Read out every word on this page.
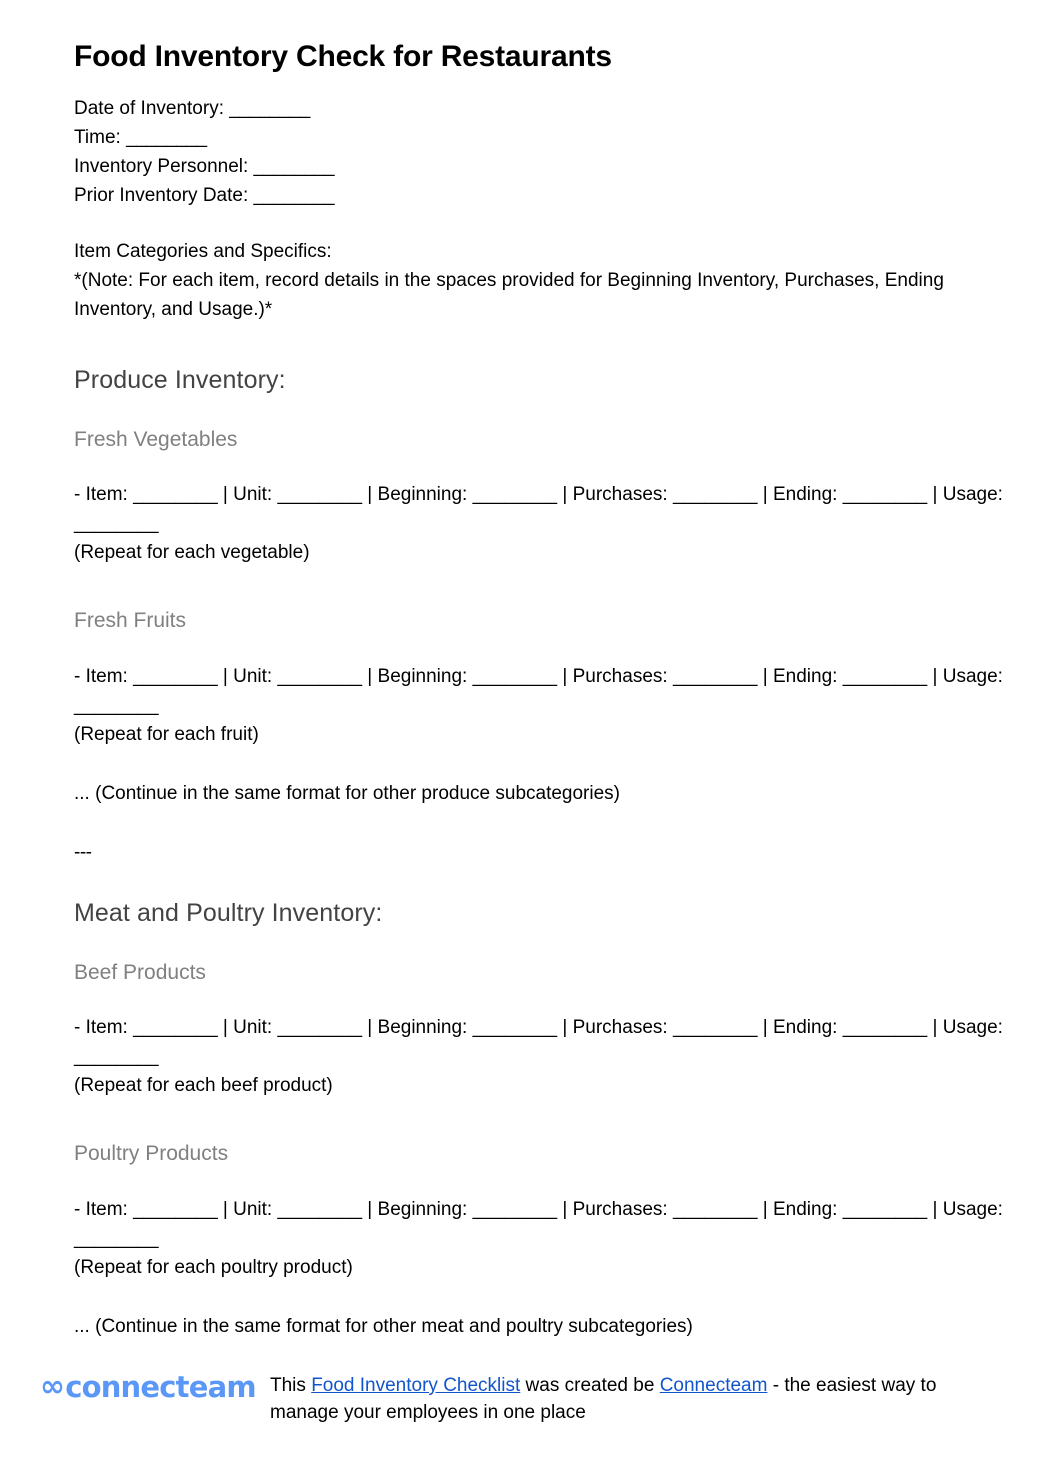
Food Inventory Check for Restaurants
Date of Inventory: ________
Time: ________
Inventory Personnel: ________
Prior Inventory Date: ________
Item Categories and Specifics:
*(Note: For each item, record details in the spaces provided for Beginning Inventory, Purchases, Ending Inventory, and Usage.)*
Produce Inventory:
Fresh Vegetables
- Item: ________ | Unit: ________ | Beginning: ________ | Purchases: ________ | Ending: ________ | Usage: ________
(Repeat for each vegetable)
Fresh Fruits
- Item: ________ | Unit: ________ | Beginning: ________ | Purchases: ________ | Ending: ________ | Usage: ________
(Repeat for each fruit)
... (Continue in the same format for other produce subcategories)
---
Meat and Poultry Inventory:
Beef Products
- Item: ________ | Unit: ________ | Beginning: ________ | Purchases: ________ | Ending: ________ | Usage: ________
(Repeat for each beef product)
Poultry Products
- Item: ________ | Unit: ________ | Beginning: ________ | Purchases: ________ | Ending: ________ | Usage: ________
(Repeat for each poultry product)
... (Continue in the same format for other meat and poultry subcategories)
∞ connecteam This Food Inventory Checklist was created be Connecteam - the easiest way to manage your employees in one place
